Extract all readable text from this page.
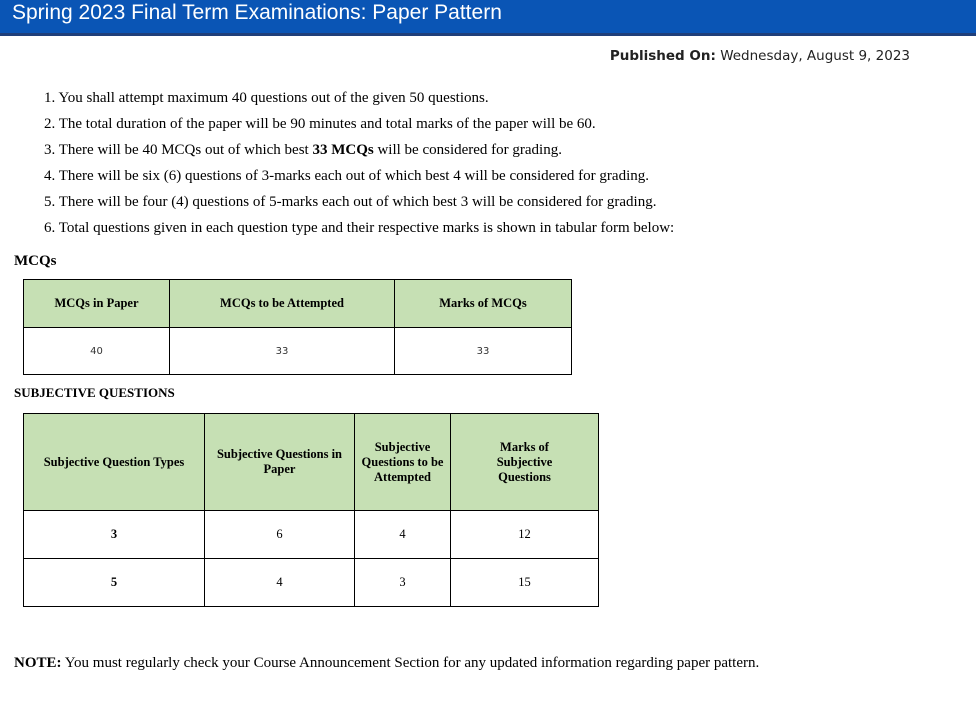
Spring 2023 Final Term Examinations: Paper Pattern
Published On: Wednesday, August 9, 2023
1. You shall attempt maximum 40 questions out of the given 50 questions.
2. The total duration of the paper will be 90 minutes and total marks of the paper will be 60.
3. There will be 40 MCQs out of which best 33 MCQs will be considered for grading.
4. There will be six (6) questions of 3-marks each out of which best 4 will be considered for grading.
5. There will be four (4) questions of 5-marks each out of which best 3 will be considered for grading.
6. Total questions given in each question type and their respective marks is shown in tabular form below:
MCQs
MCQs in Paper	MCQs to be Attempted	Marks of MCQs
40	33	33
SUBJECTIVE QUESTIONS
Subjective Question Types	Subjective Questions in Paper	Subjective Questions to be Attempted	Marks of Subjective Questions
3	6	4	12
5	4	3	15
NOTE: You must regularly check your Course Announcement Section for any updated information regarding paper pattern.
